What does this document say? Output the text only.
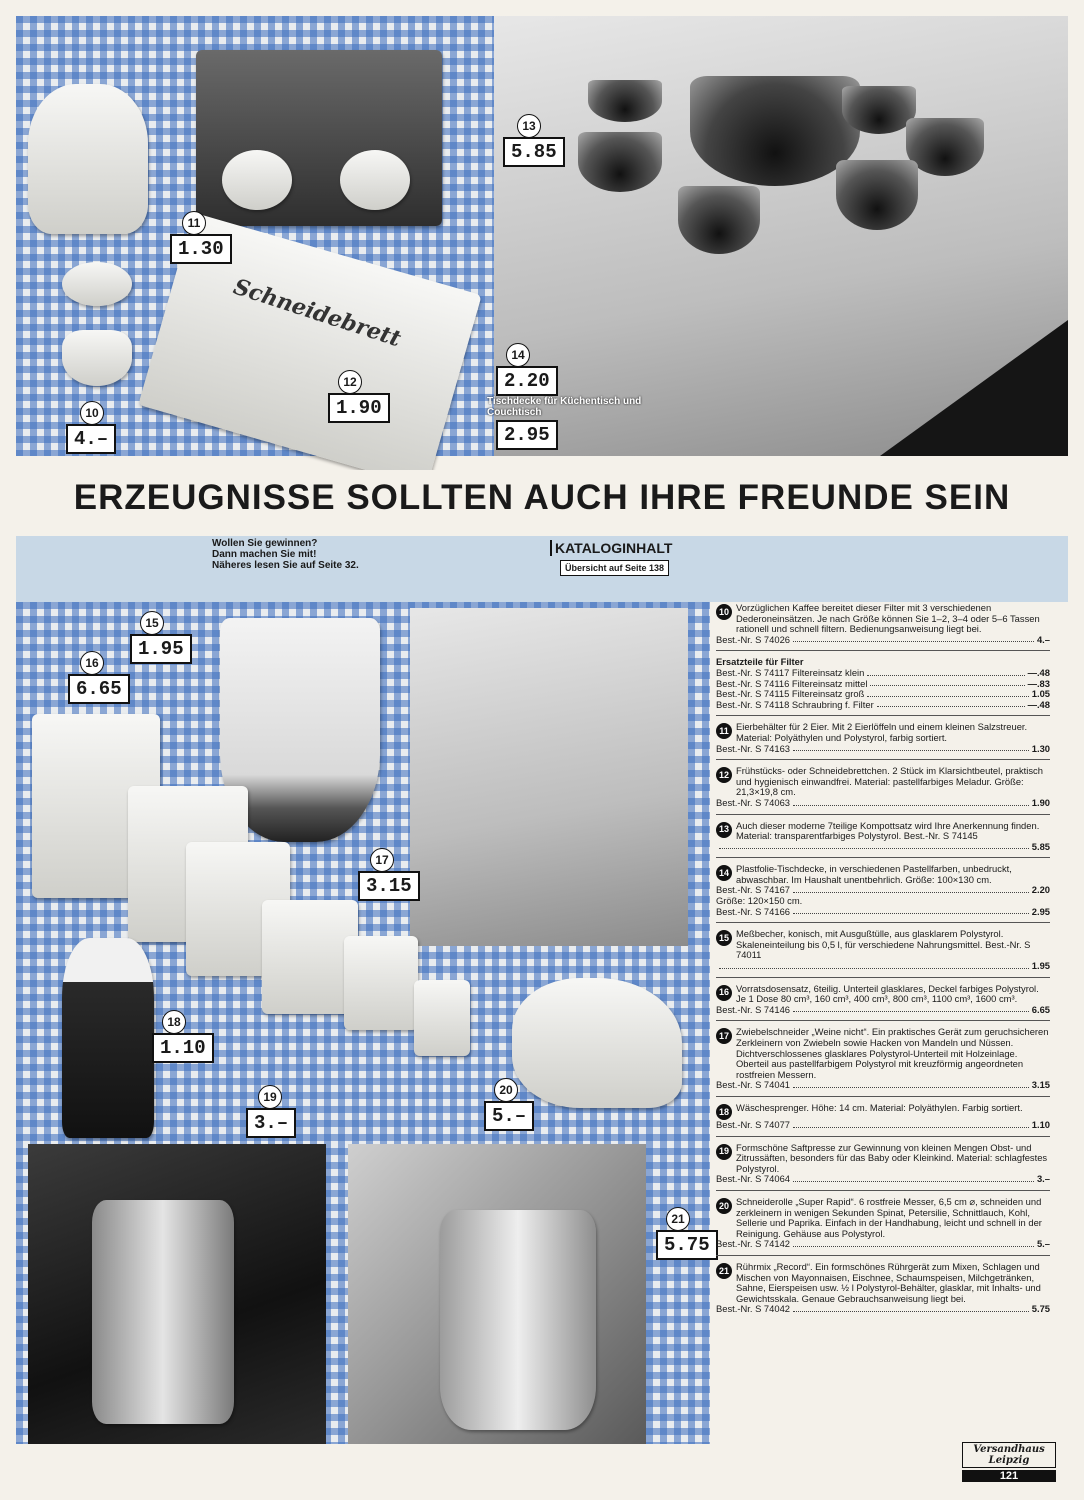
Schneidebrett
10
4.–
11
1.30
12
1.90
13
5.85
14
2.20
Tischdecke für Küchentisch und Couchtisch
2.95
ERZEUGNISSE SOLLTEN AUCH IHRE FREUNDE SEIN
Wollen Sie gewinnen?
Dann machen Sie mit!
Näheres lesen Sie auf Seite 32.
KATALOGINHALT
Übersicht auf Seite 138
15
1.95
16
6.65
17
3.15
18
1.10
19
3.–
20
5.–
21
5.75
10 Vorzüglichen Kaffee bereitet dieser Filter mit 3 verschiedenen Dederoneinsätzen. Je nach Größe können Sie 1–2, 3–4 oder 5–6 Tassen rationell und schnell filtern. Bedienungsanweisung liegt bei.
Best.-Nr. S 74026	4.–
Ersatzteile für Filter
Best.-Nr. S 74117 Filtereinsatz klein	—.48
Best.-Nr. S 74116 Filtereinsatz mittel	—.83
Best.-Nr. S 74115 Filtereinsatz groß	1.05
Best.-Nr. S 74118 Schraubring f. Filter	—.48
11 Eierbehälter für 2 Eier. Mit 2 Eierlöffeln und einem kleinen Salzstreuer. Material: Polyäthylen und Polystyrol, farbig sortiert.
Best.-Nr. S 74163	1.30
12 Frühstücks- oder Schneidebrettchen. 2 Stück im Klarsichtbeutel, praktisch und hygienisch einwandfrei. Material: pastellfarbiges Meladur. Größe: 21,3×19,8 cm.
Best.-Nr. S 74063	1.90
13 Auch dieser moderne 7teilige Kompottsatz wird Ihre Anerkennung finden. Material: transparentfarbiges Polystyrol. Best.-Nr. S 74145
5.85
14 Plastfolie-Tischdecke, in verschiedenen Pastellfarben, unbedruckt, abwaschbar. Im Haushalt unentbehrlich. Größe: 100×130 cm.
Best.-Nr. S 74167	2.20
Größe: 120×150 cm.
Best.-Nr. S 74166	2.95
15 Meßbecher, konisch, mit Ausgußtülle, aus glasklarem Polystyrol. Skaleneinteilung bis 0,5 l, für verschiedene Nahrungsmittel. Best.-Nr. S 74011
1.95
16 Vorratsdosensatz, 6teilig. Unterteil glasklares, Deckel farbiges Polystyrol. Je 1 Dose 80 cm³, 160 cm³, 400 cm³, 800 cm³, 1100 cm³, 1600 cm³.
Best.-Nr. S 74146	6.65
17 Zwiebelschneider „Weine nicht“. Ein praktisches Gerät zum geruchsicheren Zerkleinern von Zwiebeln sowie Hacken von Mandeln und Nüssen. Dichtverschlossenes glasklares Polystyrol-Unterteil mit Holzeinlage. Oberteil aus pastellfarbigem Polystyrol mit kreuzförmig angeordneten rostfreien Messern.
Best.-Nr. S 74041	3.15
18 Wäschesprenger. Höhe: 14 cm. Material: Polyäthylen. Farbig sortiert.
Best.-Nr. S 74077	1.10
19 Formschöne Saftpresse zur Gewinnung von kleinen Mengen Obst- und Zitrussäften, besonders für das Baby oder Kleinkind. Material: schlagfestes Polystyrol.
Best.-Nr. S 74064	3.–
20 Schneiderolle „Super Rapid“. 6 rostfreie Messer, 6,5 cm ⌀, schneiden und zerkleinern in wenigen Sekunden Spinat, Petersilie, Schnittlauch, Kohl, Sellerie und Paprika. Einfach in der Handhabung, leicht und schnell in der Reinigung. Gehäuse aus Polystyrol.
Best.-Nr. S 74142	5.–
21 Rührmix „Record“. Ein formschönes Rührgerät zum Mixen, Schlagen und Mischen von Mayonnaisen, Eischnee, Schaumspeisen, Milchgetränken, Sahne, Eierspeisen usw. ½ l Polystyrol-Behälter, glasklar, mit Inhalts- und Gewichtsskala. Genaue Gebrauchsanweisung liegt bei.
Best.-Nr. S 74042	5.75
Versandhaus Leipzig
121
